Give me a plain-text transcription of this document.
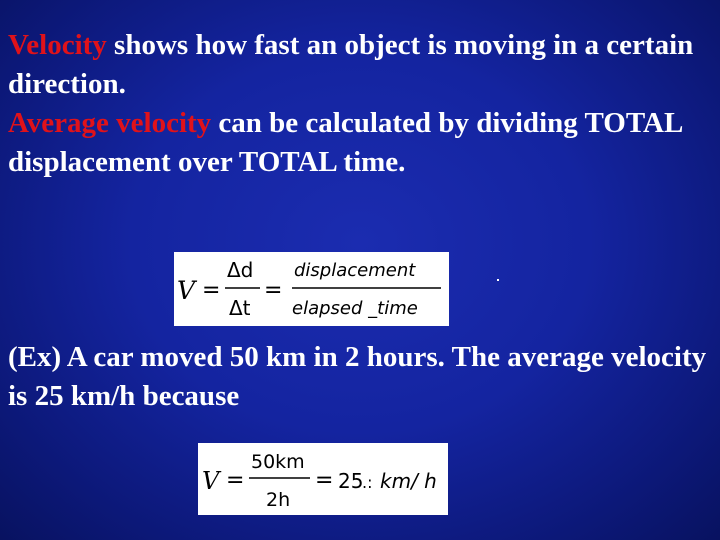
Velocity shows how fast an object is moving in a certain direction.
Average velocity can be calculated by dividing TOTAL displacement over TOTAL time.
V =
Δd
Δt
=
displacement
elapsed _time
(Ex) A car moved 50 km in 2 hours. The average velocity is 25 km/h because
V =
50km
2h
= 25
.: km/ h
